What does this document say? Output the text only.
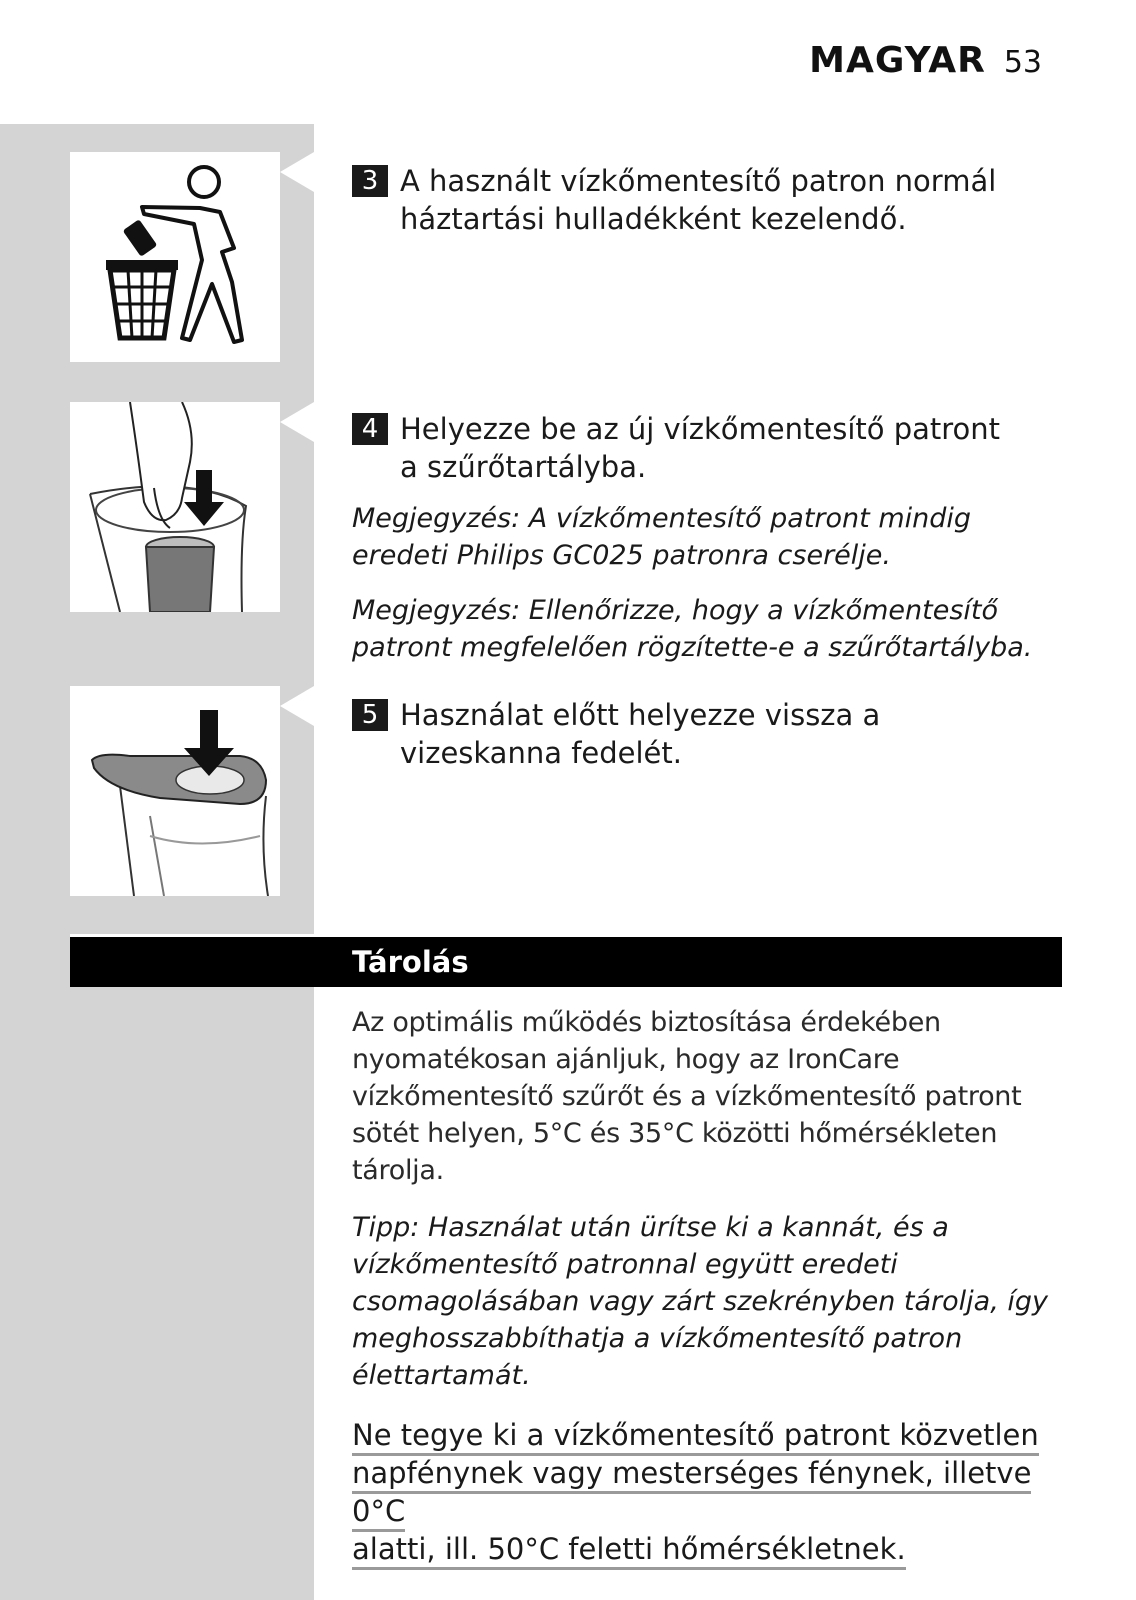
MAGYAR 53
3 A használt vízkőmentesítő patron normál háztartási hulladékként kezelendő.
4 Helyezze be az új vízkőmentesítő patront a szűrőtartályba.

Megjegyzés: A vízkőmentesítő patront mindig eredeti Philips GC025 patronra cserélje.

Megjegyzés: Ellenőrizze, hogy a vízkőmentesítő patront megfelelően rögzítette-e a szűrőtartályba.

5 Használat előtt helyezze vissza a vizeskanna fedelét.
Tárolás

Az optimális működés biztosítása érdekében nyomatékosan ajánljuk, hogy az IronCare vízkőmentesítő szűrőt és a vízkőmentesítő patront sötét helyen, 5°C és 35°C közötti hőmérsékleten tárolja.

Tipp: Használat után ürítse ki a kannát, és a vízkőmentesítő patronnal együtt eredeti csomagolásában vagy zárt szekrényben tárolja, így meghosszabbíthatja a vízkőmentesítő patron élettartamát.

Ne tegye ki a vízkőmentesítő patront közvetlen
napfénynek vagy mesterséges fénynek, illetve 0°C
alatti, ill. 50°C feletti hőmérsékletnek.
